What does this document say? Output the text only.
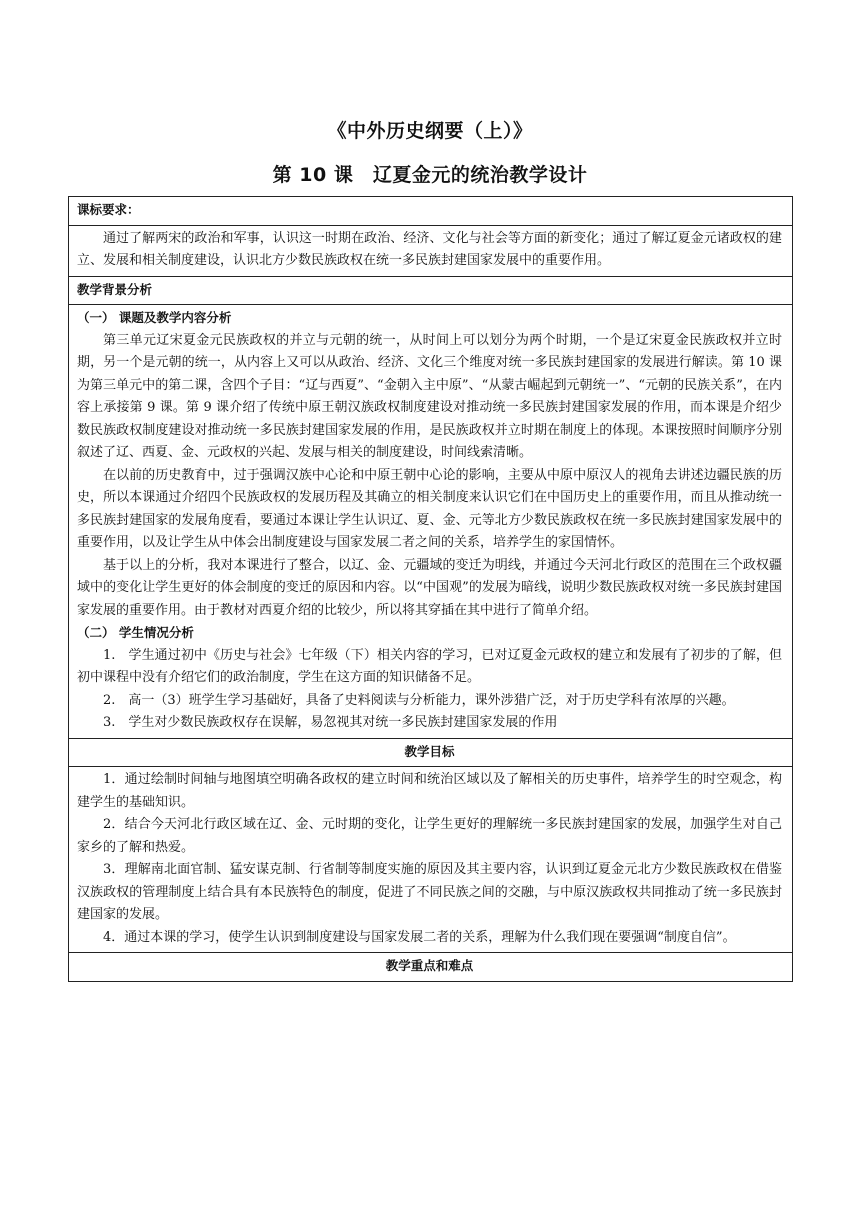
《中外历史纲要（上）》
第 10 课　辽夏金元的统治教学设计
课标要求：

通过了解两宋的政治和军事，认识这一时期在政治、经济、文化与社会等方面的新变化；通过了解辽夏金元诸政权的建立、发展和相关制度建设，认识北方少数民族政权在统一多民族封建国家发展中的重要作用。

教学背景分析

（一） 课题及教学内容分析

第三单元辽宋夏金元民族政权的并立与元朝的统一，从时间上可以划分为两个时期，一个是辽宋夏金民族政权并立时期，另一个是元朝的统一，从内容上又可以从政治、经济、文化三个维度对统一多民族封建国家的发展进行解读。第 10 课为第三单元中的第二课，含四个子目：“辽与西夏”、“金朝入主中原”、“从蒙古崛起到元朝统一”、“元朝的民族关系”，在内容上承接第 9 课。第 9 课介绍了传统中原王朝汉族政权制度建设对推动统一多民族封建国家发展的作用，而本课是介绍少数民族政权制度建设对推动统一多民族封建国家发展的作用，是民族政权并立时期在制度上的体现。本课按照时间顺序分别叙述了辽、西夏、金、元政权的兴起、发展与相关的制度建设，时间线索清晰。

在以前的历史教育中，过于强调汉族中心论和中原王朝中心论的影响，主要从中原中原汉人的视角去讲述边疆民族的历史，所以本课通过介绍四个民族政权的发展历程及其确立的相关制度来认识它们在中国历史上的重要作用，而且从推动统一多民族封建国家的发展角度看，要通过本课让学生认识辽、夏、金、元等北方少数民族政权在统一多民族封建国家发展中的重要作用，以及让学生从中体会出制度建设与国家发展二者之间的关系，培养学生的家国情怀。

基于以上的分析，我对本课进行了整合，以辽、金、元疆域的变迁为明线，并通过今天河北行政区的范围在三个政权疆域中的变化让学生更好的体会制度的变迁的原因和内容。以“中国观”的发展为暗线，说明少数民族政权对统一多民族封建国家发展的重要作用。由于教材对西夏介绍的比较少，所以将其穿插在其中进行了简单介绍。

（二） 学生情况分析

1.　学生通过初中《历史与社会》七年级（下）相关内容的学习，已对辽夏金元政权的建立和发展有了初步的了解，但初中课程中没有介绍它们的政治制度，学生在这方面的知识储备不足。

2.　高一（3）班学生学习基础好，具备了史料阅读与分析能力，课外涉猎广泛，对于历史学科有浓厚的兴趣。

3.　学生对少数民族政权存在误解，易忽视其对统一多民族封建国家发展的作用

教学目标

1．通过绘制时间轴与地图填空明确各政权的建立时间和统治区域以及了解相关的历史事件，培养学生的时空观念，构建学生的基础知识。

2．结合今天河北行政区域在辽、金、元时期的变化，让学生更好的理解统一多民族封建国家的发展，加强学生对自己家乡的了解和热爱。

3．理解南北面官制、猛安谋克制、行省制等制度实施的原因及其主要内容，认识到辽夏金元北方少数民族政权在借鉴汉族政权的管理制度上结合具有本民族特色的制度，促进了不同民族之间的交融，与中原汉族政权共同推动了统一多民族封建国家的发展。

4．通过本课的学习，使学生认识到制度建设与国家发展二者的关系，理解为什么我们现在要强调“制度自信”。

教学重点和难点
